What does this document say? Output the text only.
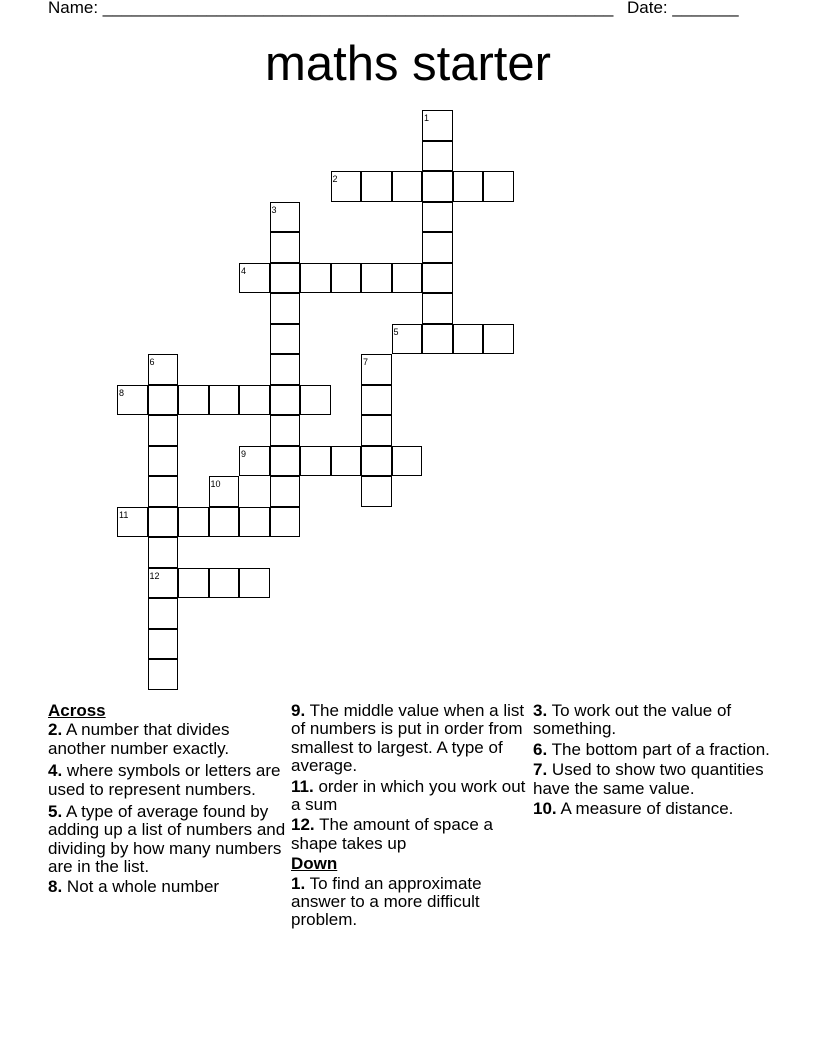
Name: ______________________________________________________ Date: _______
maths starter
1
2
3
4
5
6
12
7
8
9
10
11
Across
2. A number that divides another number exactly.
4. where symbols or letters are used to represent numbers.
5. A type of average found by adding up a list of numbers and dividing by how many numbers are in the list.
8. Not a whole number
9. The middle value when a list of numbers is put in order from smallest to largest. A type of average.
11. order in which you work out a sum
12. The amount of space a shape takes up
Down
1. To find an approximate answer to a more difficult problem.
3. To work out the value of something.
6. The bottom part of a fraction.
7. Used to show two quantities have the same value.
10. A measure of distance.
